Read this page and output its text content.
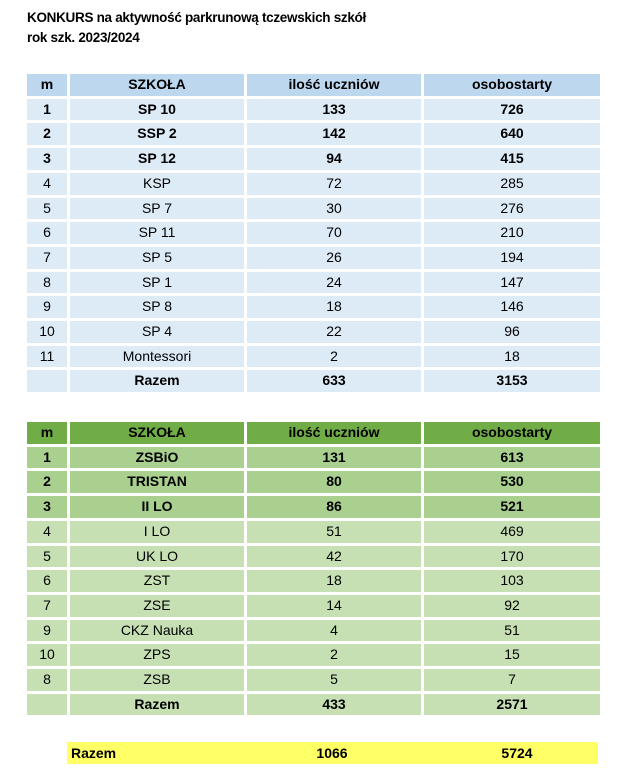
KONKURS na aktywność parkrunową tczewskich szkół
rok szk. 2023/2024
m	SZKOŁA	ilość uczniów	osobostarty
1	SP 10	133	726
2	SSP 2	142	640
3	SP 12	94	415
4	KSP	72	285
5	SP 7	30	276
6	SP 11	70	210
7	SP 5	26	194
8	SP 1	24	147
9	SP 8	18	146
10	SP 4	22	96
11	Montessori	2	18
	Razem	633	3153
m	SZKOŁA	ilość uczniów	osobostarty
1	ZSBiO	131	613
2	TRISTAN	80	530
3	II LO	86	521
4	I LO	51	469
5	UK LO	42	170
6	ZST	18	103
7	ZSE	14	92
9	CKZ Nauka	4	51
10	ZPS	2	15
8	ZSB	5	7
	Razem	433	2571
Razem	1066	5724
